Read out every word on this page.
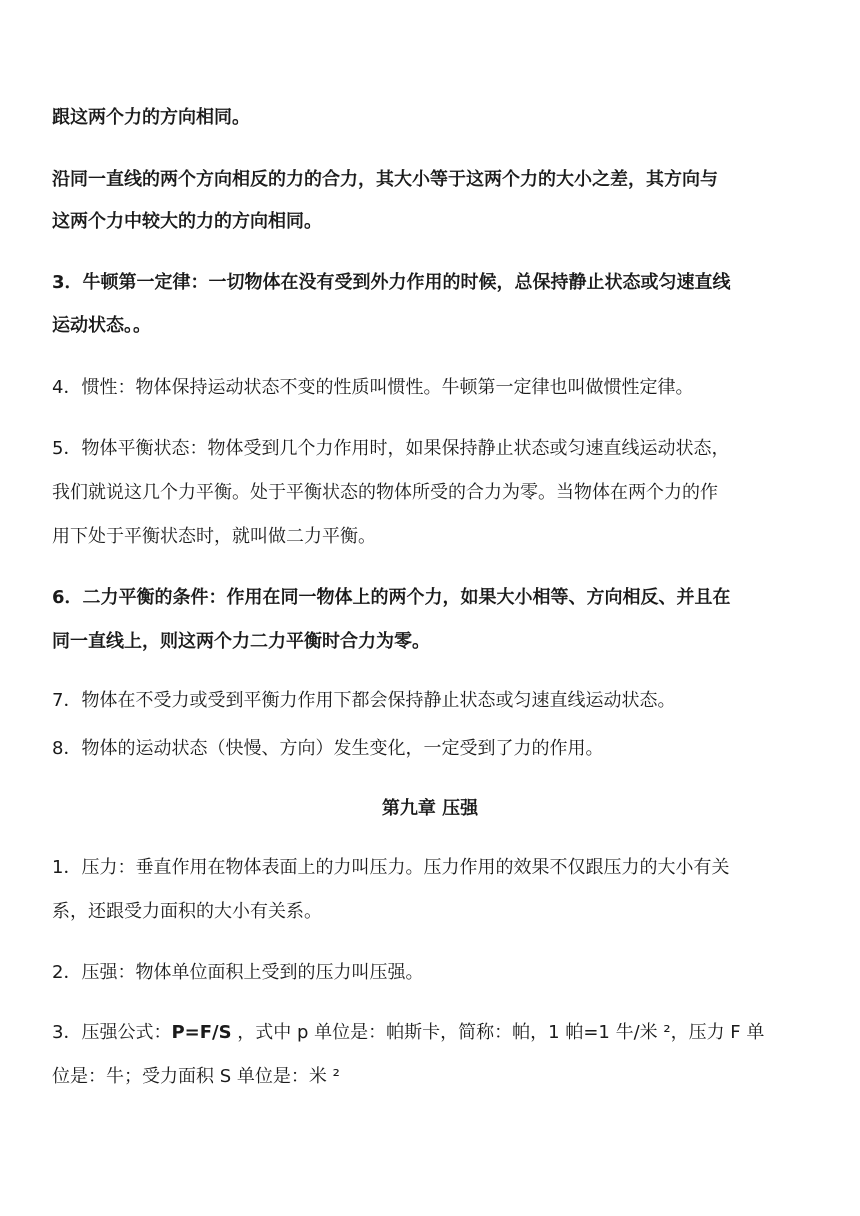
跟这两个力的方向相同。

沿同一直线的两个方向相反的力的合力，其大小等于这两个力的大小之差，其方向与

这两个力中较大的力的方向相同。

3．牛顿第一定律：一切物体在没有受到外力作用的时候，总保持静止状态或匀速直线

运动状态。。

4．惯性：物体保持运动状态不变的性质叫惯性。牛顿第一定律也叫做惯性定律。

5．物体平衡状态：物体受到几个力作用时，如果保持静止状态或匀速直线运动状态，

我们就说这几个力平衡。处于平衡状态的物体所受的合力为零。当物体在两个力的作

用下处于平衡状态时，就叫做二力平衡。

6．二力平衡的条件：作用在同一物体上的两个力，如果大小相等、方向相反、并且在

同一直线上，则这两个力二力平衡时合力为零。

7．物体在不受力或受到平衡力作用下都会保持静止状态或匀速直线运动状态。

8．物体的运动状态（快慢、方向）发生变化，一定受到了力的作用。

第九章 压强

1．压力：垂直作用在物体表面上的力叫压力。压力作用的效果不仅跟压力的大小有关

系，还跟受力面积的大小有关系。

2．压强：物体单位面积上受到的压力叫压强。

3．压强公式：P=F/S ，式中 p 单位是：帕斯卡，简称：帕，1 帕=1 牛/米 ²，压力 F 单

位是：牛；受力面积 S 单位是：米 ²
